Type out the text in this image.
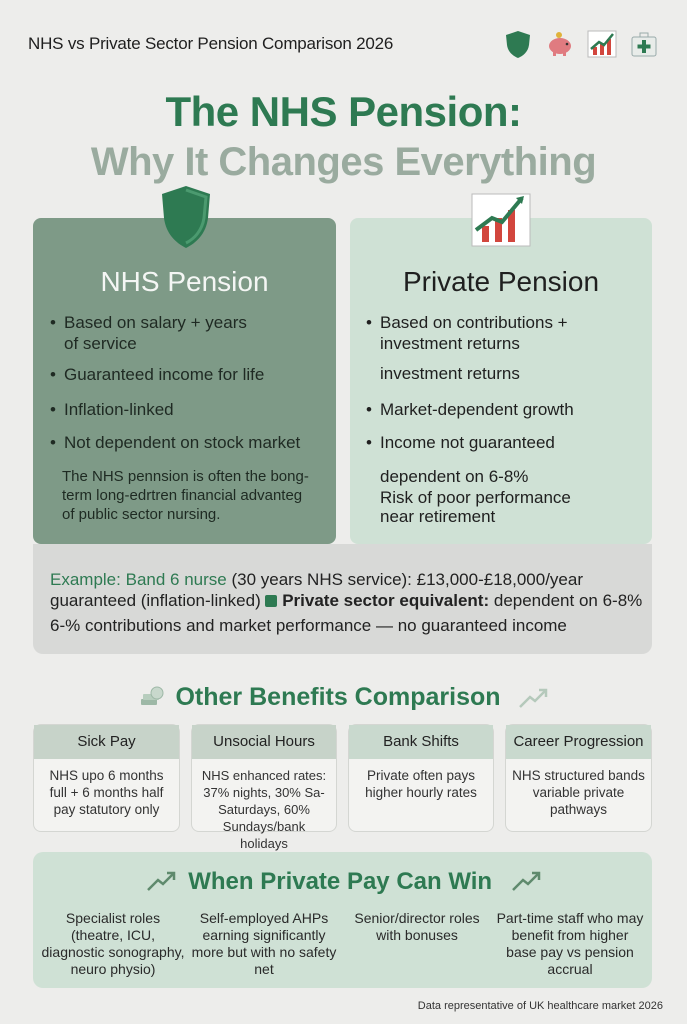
NHS vs Private Sector Pension Comparison 2026
The NHS Pension:
Why It Changes Everything
NHS Pension	Private Pension
• Based on salary + years
of service
• Guaranteed income for life
• Inflation-linked
• Not dependent on stock market
The NHS pennsion is often the bong-term long-edrtren financial advanteg of public sector nursing.
• Based on contributions +
investment returns
investment returns
• Market-dependent growth
• Income not guaranteed
dependent on 6-8%
Risk of poor performance
near retirement
Example: Band 6 nurse (30 years NHS service): £13,000-£18,000/year
guaranteed (inflation-linked) Private sector equivalent: dependent on 6-8%
6-% contributions and market performance — no guaranteed income
Other Benefits Comparison
Sick Pay
NHS upo 6 months full + 6 months half pay statutory only
Unsocial Hours
NHS enhanced rates: 37% nights, 30% Sa-Saturdays, 60% Sundays/bank holidays
Bank Shifts
Private often pays higher hourly rates
Career Progression
NHS structured bands variable private pathways
When Private Pay Can Win
Specialist roles (theatre, ICU, diagnostic sonography, neuro physio)
Self-employed AHPs earning significantly more but with no safety net
Senior/director roles with bonuses
Part-time staff who may benefit from higher base pay vs pension accrual
Data representative of UK healthcare market 2026
